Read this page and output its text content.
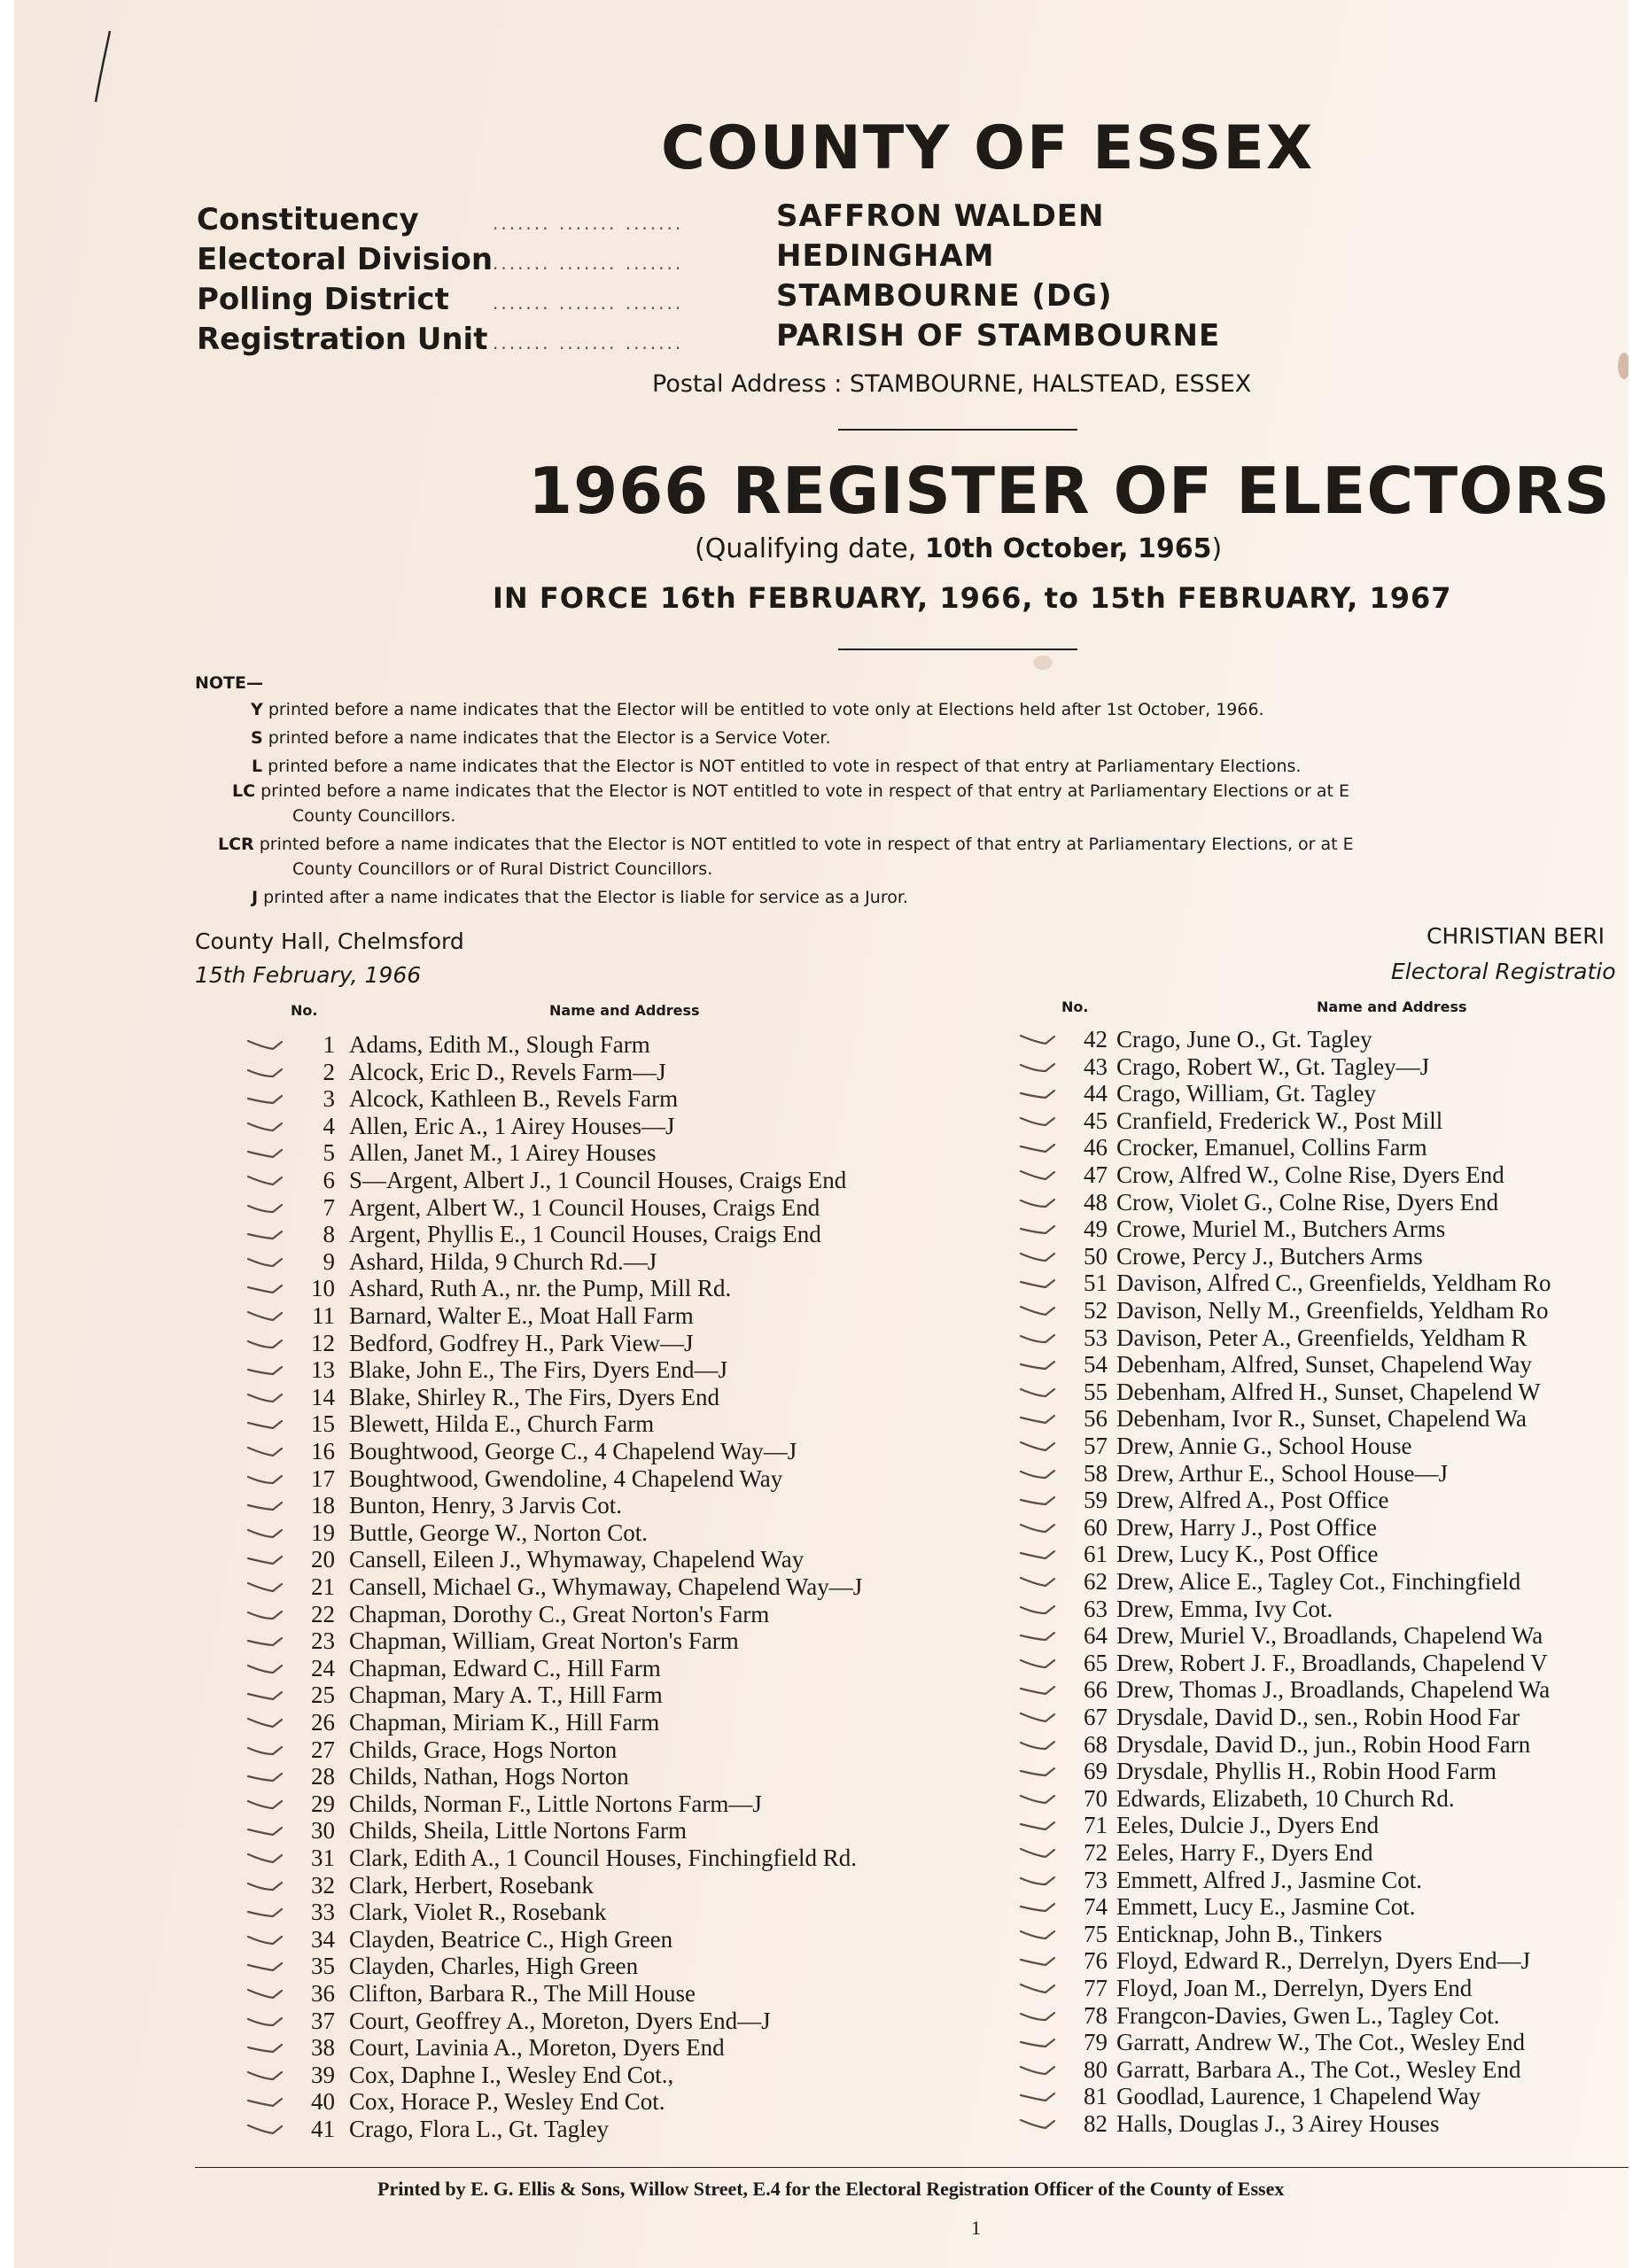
COUNTY OF ESSEX
Constituency	....... ....... .......	SAFFRON WALDEN
Electoral Division ....... ....... .......	HEDINGHAM
Polling District ....... ....... .......	STAMBOURNE (DG)
Registration Unit ....... ....... .......	PARISH OF STAMBOURNE
Postal Address : STAMBOURNE, HALSTEAD, ESSEX
1966 REGISTER OF ELECTORS
(Qualifying date, 10th October, 1965)
IN FORCE 16th FEBRUARY, 1966, to 15th FEBRUARY, 1967
NOTE—
Y printed before a name indicates that the Elector will be entitled to vote only at Elections held after 1st October, 1966.
S printed before a name indicates that the Elector is a Service Voter.
L printed before a name indicates that the Elector is NOT entitled to vote in respect of that entry at Parliamentary Elections.
LC printed before a name indicates that the Elector is NOT entitled to vote in respect of that entry at Parliamentary Elections or at E
County Councillors.
LCR printed before a name indicates that the Elector is NOT entitled to vote in respect of that entry at Parliamentary Elections, or at E
County Councillors or of Rural District Councillors.
J printed after a name indicates that the Elector is liable for service as a Juror.
County Hall, Chelmsford
15th February, 1966
CHRISTIAN BERI
Electoral Registratio
No.	Name and Address	No.	Name and Address
1 Adams, Edith M., Slough Farm
2 Alcock, Eric D., Revels Farm—J
3 Alcock, Kathleen B., Revels Farm
4 Allen, Eric A., 1 Airey Houses—J
5 Allen, Janet M., 1 Airey Houses
6 S—Argent, Albert J., 1 Council Houses, Craigs End
7 Argent, Albert W., 1 Council Houses, Craigs End
8 Argent, Phyllis E., 1 Council Houses, Craigs End
9 Ashard, Hilda, 9 Church Rd.—J
10 Ashard, Ruth A., nr. the Pump, Mill Rd.
11 Barnard, Walter E., Moat Hall Farm
12 Bedford, Godfrey H., Park View—J
13 Blake, John E., The Firs, Dyers End—J
14 Blake, Shirley R., The Firs, Dyers End
15 Blewett, Hilda E., Church Farm
16 Boughtwood, George C., 4 Chapelend Way—J
17 Boughtwood, Gwendoline, 4 Chapelend Way
18 Bunton, Henry, 3 Jarvis Cot.
19 Buttle, George W., Norton Cot.
20 Cansell, Eileen J., Whymaway, Chapelend Way
21 Cansell, Michael G., Whymaway, Chapelend Way—J
22 Chapman, Dorothy C., Great Norton's Farm
23 Chapman, William, Great Norton's Farm
24 Chapman, Edward C., Hill Farm
25 Chapman, Mary A. T., Hill Farm
26 Chapman, Miriam K., Hill Farm
27 Childs, Grace, Hogs Norton
28 Childs, Nathan, Hogs Norton
29 Childs, Norman F., Little Nortons Farm—J
30 Childs, Sheila, Little Nortons Farm
31 Clark, Edith A., 1 Council Houses, Finchingfield Rd.
32 Clark, Herbert, Rosebank
33 Clark, Violet R., Rosebank
34 Clayden, Beatrice C., High Green
35 Clayden, Charles, High Green
36 Clifton, Barbara R., The Mill House
37 Court, Geoffrey A., Moreton, Dyers End—J
38 Court, Lavinia A., Moreton, Dyers End
39 Cox, Daphne I., Wesley End Cot.,
40 Cox, Horace P., Wesley End Cot.
41 Crago, Flora L., Gt. Tagley
42 Crago, June O., Gt. Tagley
43 Crago, Robert W., Gt. Tagley—J
44 Crago, William, Gt. Tagley
45 Cranfield, Frederick W., Post Mill
46 Crocker, Emanuel, Collins Farm
47 Crow, Alfred W., Colne Rise, Dyers End
48 Crow, Violet G., Colne Rise, Dyers End
49 Crowe, Muriel M., Butchers Arms
50 Crowe, Percy J., Butchers Arms
51 Davison, Alfred C., Greenfields, Yeldham Ro
52 Davison, Nelly M., Greenfields, Yeldham Ro
53 Davison, Peter A., Greenfields, Yeldham R
54 Debenham, Alfred, Sunset, Chapelend Way
55 Debenham, Alfred H., Sunset, Chapelend W
56 Debenham, Ivor R., Sunset, Chapelend Wa
57 Drew, Annie G., School House
58 Drew, Arthur E., School House—J
59 Drew, Alfred A., Post Office
60 Drew, Harry J., Post Office
61 Drew, Lucy K., Post Office
62 Drew, Alice E., Tagley Cot., Finchingfield
63 Drew, Emma, Ivy Cot.
64 Drew, Muriel V., Broadlands, Chapelend Wa
65 Drew, Robert J. F., Broadlands, Chapelend V
66 Drew, Thomas J., Broadlands, Chapelend Wa
67 Drysdale, David D., sen., Robin Hood Far
68 Drysdale, David D., jun., Robin Hood Farn
69 Drysdale, Phyllis H., Robin Hood Farm
70 Edwards, Elizabeth, 10 Church Rd.
71 Eeles, Dulcie J., Dyers End
72 Eeles, Harry F., Dyers End
73 Emmett, Alfred J., Jasmine Cot.
74 Emmett, Lucy E., Jasmine Cot.
75 Enticknap, John B., Tinkers
76 Floyd, Edward R., Derrelyn, Dyers End—J
77 Floyd, Joan M., Derrelyn, Dyers End
78 Frangcon-Davies, Gwen L., Tagley Cot.
79 Garratt, Andrew W., The Cot., Wesley End
80 Garratt, Barbara A., The Cot., Wesley End
81 Goodlad, Laurence, 1 Chapelend Way
82 Halls, Douglas J., 3 Airey Houses
Printed by E. G. Ellis & Sons, Willow Street, E.4 for the Electoral Registration Officer of the County of Essex
1
